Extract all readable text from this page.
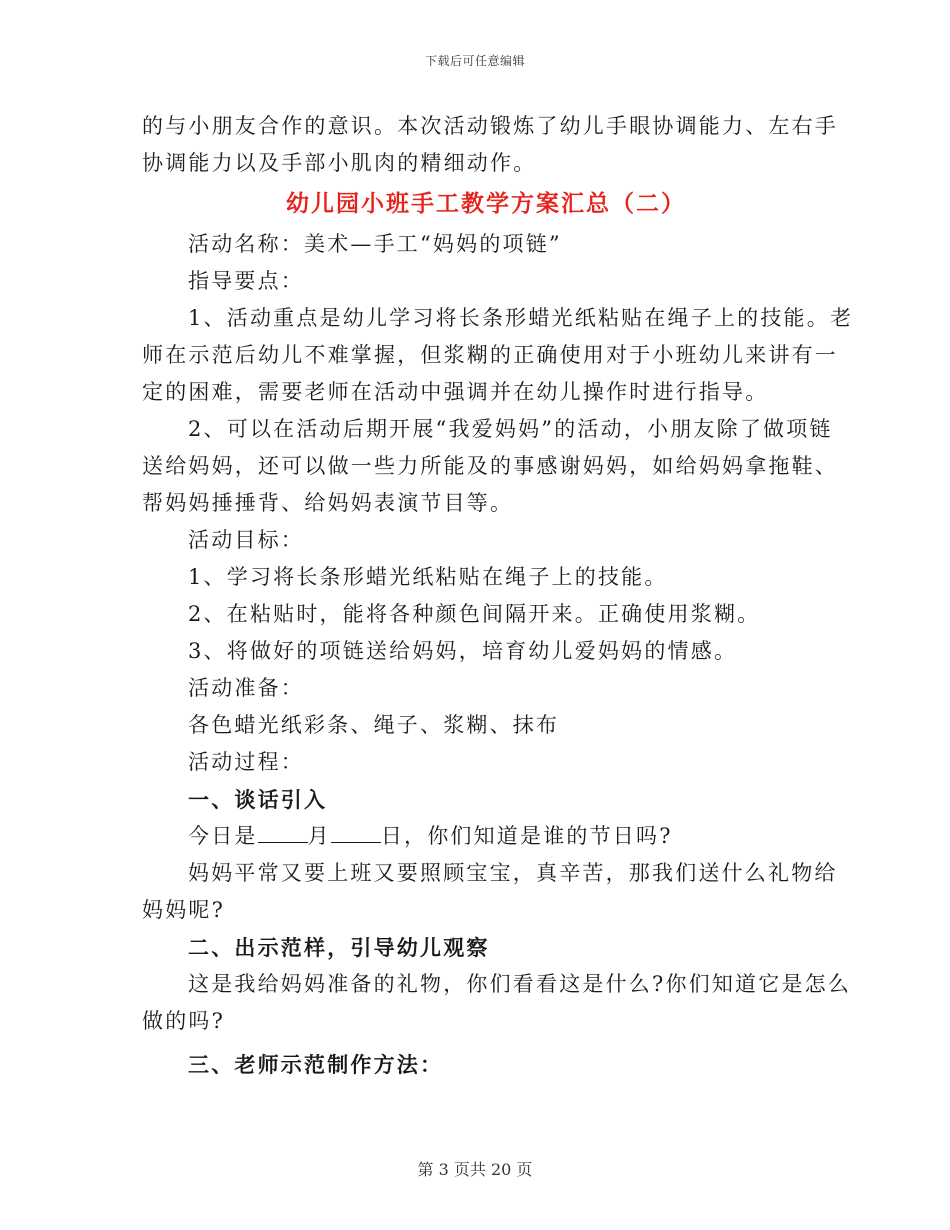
下载后可任意编辑

的与小朋友合作的意识。本次活动锻炼了幼儿手眼协调能力、左右手

协调能力以及手部小肌肉的精细动作。

幼儿园小班手工教学方案汇总（二）

活动名称：美术—手工“妈妈的项链”

指导要点：

1、活动重点是幼儿学习将长条形蜡光纸粘贴在绳子上的技能。老

师在示范后幼儿不难掌握，但浆糊的正确使用对于小班幼儿来讲有一

定的困难，需要老师在活动中强调并在幼儿操作时进行指导。

2、可以在活动后期开展“我爱妈妈”的活动，小朋友除了做项链

送给妈妈，还可以做一些力所能及的事感谢妈妈，如给妈妈拿拖鞋、

帮妈妈捶捶背、给妈妈表演节目等。

活动目标：

1、学习将长条形蜡光纸粘贴在绳子上的技能。

2、在粘贴时，能将各种颜色间隔开来。正确使用浆糊。

3、将做好的项链送给妈妈，培育幼儿爱妈妈的情感。

活动准备：

各色蜡光纸彩条、绳子、浆糊、抹布

活动过程：

一、谈话引入

今日是 月 日，你们知道是谁的节日吗?

妈妈平常又要上班又要照顾宝宝，真辛苦，那我们送什么礼物给

妈妈呢?

二、出示范样，引导幼儿观察

这是我给妈妈准备的礼物，你们看看这是什么?你们知道它是怎么

做的吗?

三、老师示范制作方法：

第 3 页共 20 页
